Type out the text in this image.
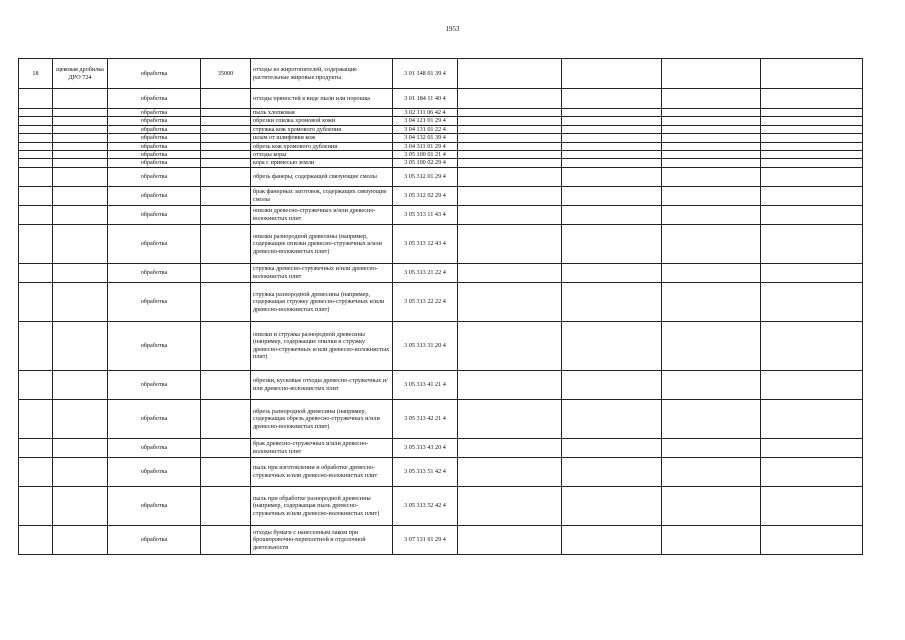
1953
18	щековая дробилка ДРО 724	обработка	35000	отходы из жиротопителей, содержащие растительные жировые продукты	3 01 148 01 39 4				
		обработка		отходы пряностей в виде пыли или порошка	3 01 184 11 40 4				
		обработка		пыль хлопковая	3 02 111 06 42 4				
		обработка		обрезки спилка хромовой кожи	3 04 121 01 29 4				
		обработка		стружка кож хромового дубления	3 04 131 01 22 4				
		обработка		шлам от шлифовки кож	3 04 132 01 39 4				
		обработка		обрезь кож хромового дубления	3 04 311 01 29 4				
		обработка		отходы коры	3 05 100 01 21 4				
		обработка		кора с примесью земли	3 05 100 02 29 4				
		обработка		обрезь фанеры, содержащей связующие смолы	3 05 312 01 29 4				
		обработка		брак фанерных заготовок, содержащих связующие смолы	3 05 312 02 29 4				
		обработка		опилки древесно-стружечных и/или древесно-волокнистых плит	3 05 313 11 43 4				
		обработка		опилки разнородной древесины (например, содержащие опилки древесно-стружечных и/или древесно-волокнистых плит)	3 05 313 12 43 4				
		обработка		стружка древесно-стружечных и/или древесно-волокнистых плит	3 05 313 21 22 4				
		обработка		стружка разнородной древесины (например, содержащая стружку древесно-стружечных и/или древесно-волокнистых плит)	3 05 313 22 22 4				
		обработка		опилки и стружка разнородной древесины (например, содержащие опилки и стружку древесно-стружечных и/или древесно-волокнистых плит)	3 05 313 31 20 4				
		обработка		обрезки, кусковые отходы древесно-стружечных и/или древесно-волокнистых плит	3 05 313 41 21 4				
		обработка		обрезь разнородной древесины (например, содержащая обрезь древесно-стружечных и/или древесно-волокнистых плит)	3 05 313 42 21 4				
		обработка		брак древесно-стружечных и/или древесно-волокнистых плит	3 05 313 43 20 4				
		обработка		пыль при изготовлении и обработке древесно-стружечных и/или древесно-волокнистых плит	3 05 313 51 42 4				
		обработка		пыль при обработке разнородной древесины (например, содержащая пыль древесно-стружечных и/или древесно-волокнистых плит)	3 05 313 52 42 4				
		обработка		отходы бумаги с нанесенным лаком при брошюровочно-переплетной и отделочной деятельности	3 07 131 01 29 4				
